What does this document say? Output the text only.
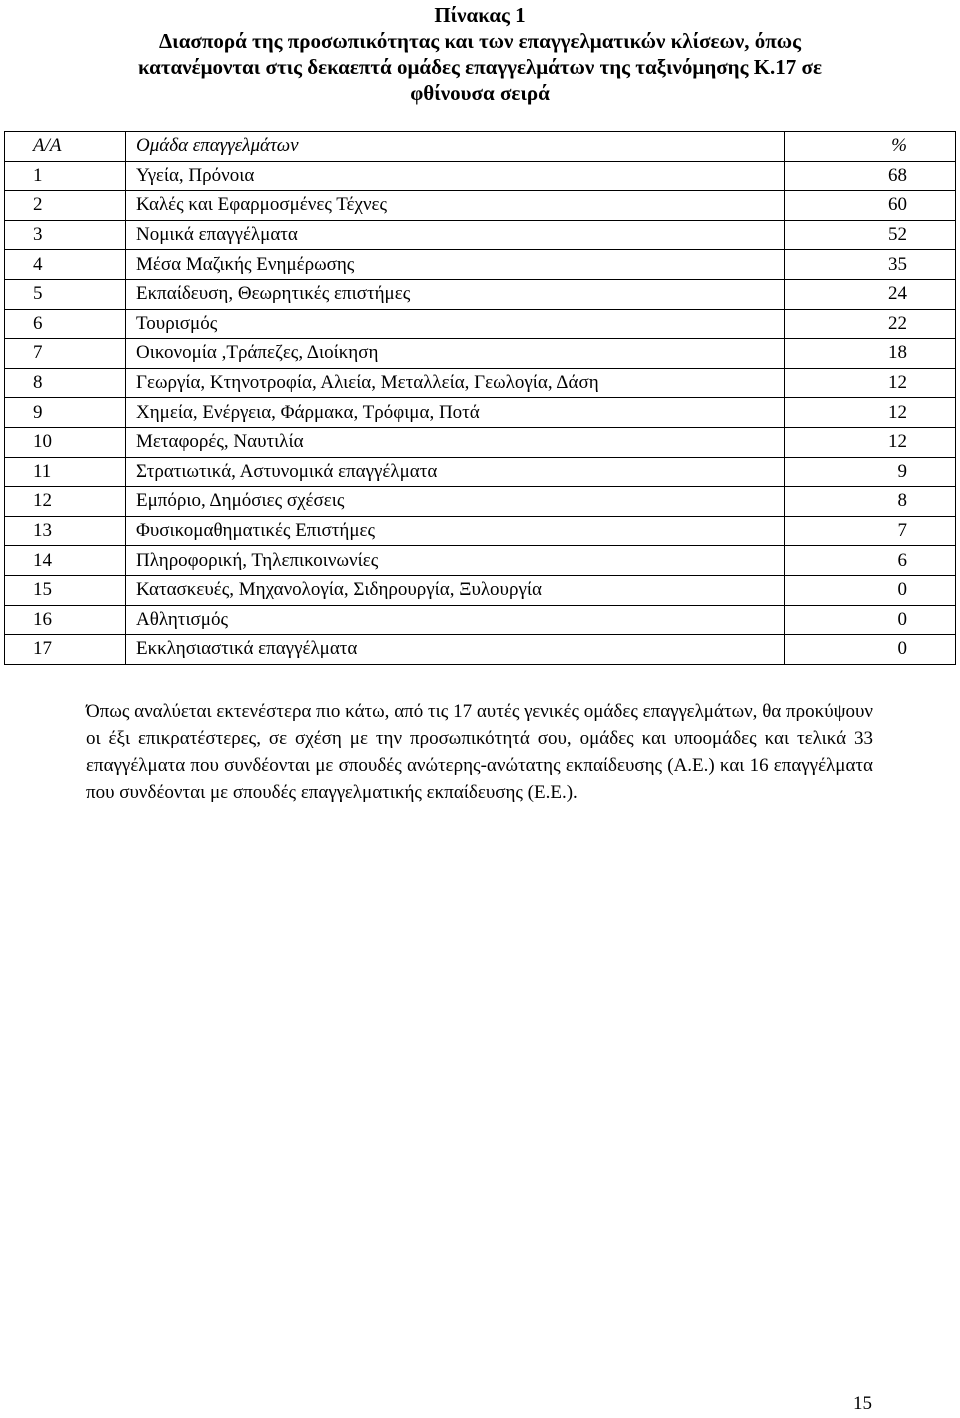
Πίνακας 1
Διασπορά της προσωπικότητας και των επαγγελματικών κλίσεων, όπως κατανέμονται στις δεκαεπτά ομάδες επαγγελμάτων της ταξινόμησης Κ.17 σε φθίνουσα σειρά
Α/Α	Ομάδα επαγγελμάτων	%
1	Υγεία, Πρόνοια	68
2	Καλές και Εφαρμοσμένες Τέχνες	60
3	Νομικά επαγγέλματα	52
4	Μέσα Μαζικής Ενημέρωσης	35
5	Εκπαίδευση, Θεωρητικές επιστήμες	24
6	Τουρισμός	22
7	Οικονομία ,Τράπεζες, Διοίκηση	18
8	Γεωργία, Κτηνοτροφία, Αλιεία, Μεταλλεία, Γεωλογία, Δάση	12
9	Χημεία, Ενέργεια, Φάρμακα, Τρόφιμα, Ποτά	12
10	Μεταφορές, Ναυτιλία	12
11	Στρατιωτικά, Αστυνομικά επαγγέλματα	9
12	Εμπόριο, Δημόσιες σχέσεις	8
13	Φυσικομαθηματικές Επιστήμες	7
14	Πληροφορική, Τηλεπικοινωνίες	6
15	Κατασκευές, Μηχανολογία, Σιδηρουργία, Ξυλουργία	0
16	Αθλητισμός	0
17	Εκκλησιαστικά επαγγέλματα	0

Όπως αναλύεται εκτενέστερα πιο κάτω, από τις 17 αυτές γενικές ομάδες επαγγελμάτων, θα προκύψουν οι έξι επικρατέστερες, σε σχέση με την προσωπικότητά σου, ομάδες και υποομάδες και τελικά 33 επαγγέλματα που συνδέονται με σπουδές ανώτερης-ανώτατης εκπαίδευσης (Α.Ε.) και 16 επαγγέλματα που συνδέονται με σπουδές επαγγελματικής εκπαίδευσης (Ε.Ε.).

15
